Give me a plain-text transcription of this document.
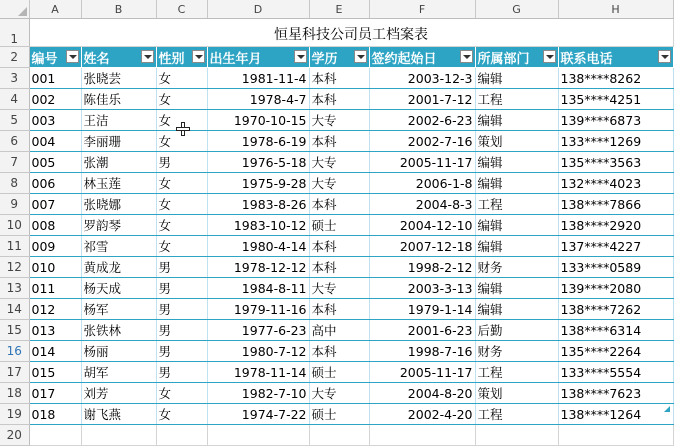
	A	B	C	D	E	F	G	H
1	恒星科技公司员工档案表							
2	编号	姓名	性别	出生年月	学历	签约起始日	所属部门	联系电话

3	001	张晓芸	女	1981-11-4	本科	2003-12-3	编辑	138****8262
4	002	陈佳乐	女	1978-4-7	本科	2001-7-12	工程	135****4251
5	003	王洁	女	1970-10-15	大专	2002-6-23	编辑	139****6873
6	004	李丽珊	女	1978-6-19	本科	2002-7-16	策划	133****1269
7	005	张潮	男	1976-5-18	大专	2005-11-17	编辑	135****3563
8	006	林玉莲	女	1975-9-28	大专	2006-1-8	编辑	132****4023
9	007	张晓娜	女	1983-8-26	本科	2004-8-3	工程	138****7866
10	008	罗韵琴	女	1983-10-12	硕士	2004-12-10	编辑	138****2920
11	009	祁雪	女	1980-4-14	本科	2007-12-18	编辑	137****4227
12	010	黄成龙	男	1978-12-12	本科	1998-2-12	财务	133****0589
13	011	杨天成	男	1984-8-11	大专	2003-3-13	编辑	139****2080
14	012	杨军	男	1979-11-16	本科	1979-1-14	编辑	138****7262
15	013	张铁林	男	1977-6-23	高中	2001-6-23	后勤	138****6314
16	014	杨丽	男	1980-7-12	本科	1998-7-16	财务	135****2264
17	015	胡军	男	1978-11-14	硕士	2005-11-17	工程	133****5554
18	017	刘芳	女	1982-7-10	大专	2004-8-20	策划	138****7623
19	018	谢飞燕	女	1974-7-22	硕士	2002-4-20	工程	138****1264
20								
